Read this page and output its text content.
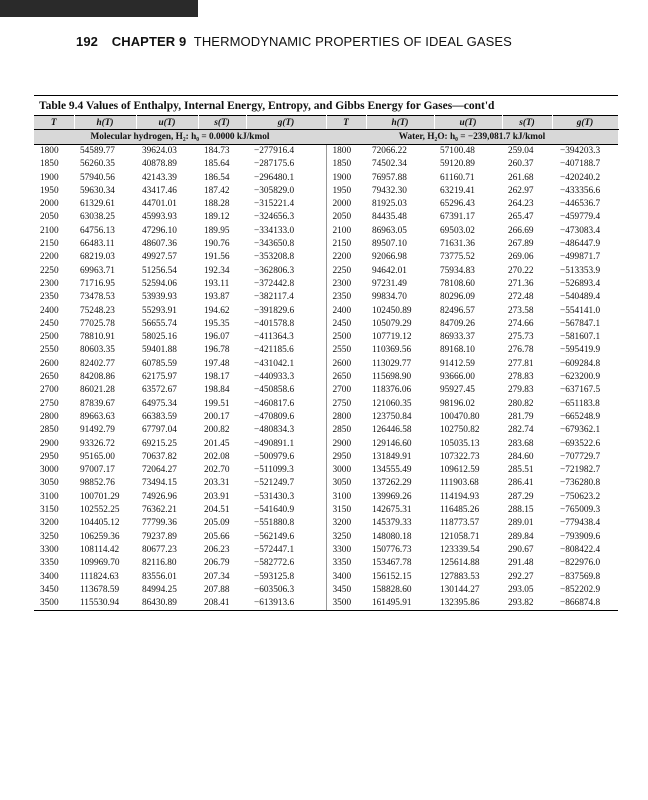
192 CHAPTER 9 THERMODYNAMIC PROPERTIES OF IDEAL GASES
Table 9.4 Values of Enthalpy, Internal Energy, Entropy, and Gibbs Energy for Gases—cont'd
T	h(T)	u(T)	s(T)	g(T)	T	h(T)	u(T)	s(T)	g(T)
Molecular hydrogen, H₂: h₀ = 0.0000 kJ/kmol					Water, H₂O: h₀ = −239,081.7 kJ/kmol				
1800	54589.77	39624.03	184.73	−277916.4	1800	72066.22	57100.48	259.04	−394203.3
1850	56260.35	40878.89	185.64	−287175.6	1850	74502.34	59120.89	260.37	−407188.7
1900	57940.56	42143.39	186.54	−296480.1	1900	76957.88	61160.71	261.68	−420240.2
1950	59630.34	43417.46	187.42	−305829.0	1950	79432.30	63219.41	262.97	−433356.6
2000	61329.61	44701.01	188.28	−315221.4	2000	81925.03	65296.43	264.23	−446536.7
2050	63038.25	45993.93	189.12	−324656.3	2050	84435.48	67391.17	265.47	−459779.4
2100	64756.13	47296.10	189.95	−334133.0	2100	86963.05	69503.02	266.69	−473083.4
2150	66483.11	48607.36	190.76	−343650.8	2150	89507.10	71631.36	267.89	−486447.9
2200	68219.03	49927.57	191.56	−353208.8	2200	92066.98	73775.52	269.06	−499871.7
2250	69963.71	51256.54	192.34	−362806.3	2250	94642.01	75934.83	270.22	−513353.9
2300	71716.95	52594.06	193.11	−372442.8	2300	97231.49	78108.60	271.36	−526893.4
2350	73478.53	53939.93	193.87	−382117.4	2350	99834.70	80296.09	272.48	−540489.4
2400	75248.23	55293.91	194.62	−391829.6	2400	102450.89	82496.57	273.58	−554141.0
2450	77025.78	56655.74	195.35	−401578.8	2450	105079.29	84709.26	274.66	−567847.1
2500	78810.91	58025.16	196.07	−411364.3	2500	107719.12	86933.37	275.73	−581607.1
2550	80603.35	59401.88	196.78	−421185.6	2550	110369.56	89168.10	276.78	−595419.9
2600	82402.77	60785.59	197.48	−431042.1	2600	113029.77	91412.59	277.81	−609284.8
2650	84208.86	62175.97	198.17	−440933.3	2650	115698.90	93666.00	278.83	−623200.9
2700	86021.28	63572.67	198.84	−450858.6	2700	118376.06	95927.45	279.83	−637167.5
2750	87839.67	64975.34	199.51	−460817.6	2750	121060.35	98196.02	280.82	−651183.8
2800	89663.63	66383.59	200.17	−470809.6	2800	123750.84	100470.80	281.79	−665248.9
2850	91492.79	67797.04	200.82	−480834.3	2850	126446.58	102750.82	282.74	−679362.1
2900	93326.72	69215.25	201.45	−490891.1	2900	129146.60	105035.13	283.68	−693522.6
2950	95165.00	70637.82	202.08	−500979.6	2950	131849.91	107322.73	284.60	−707729.7
3000	97007.17	72064.27	202.70	−511099.3	3000	134555.49	109612.59	285.51	−721982.7
3050	98852.76	73494.15	203.31	−521249.7	3050	137262.29	111903.68	286.41	−736280.8
3100	100701.29	74926.96	203.91	−531430.3	3100	139969.26	114194.93	287.29	−750623.2
3150	102552.25	76362.21	204.51	−541640.9	3150	142675.31	116485.26	288.15	−765009.3
3200	104405.12	77799.36	205.09	−551880.8	3200	145379.33	118773.57	289.01	−779438.4
3250	106259.36	79237.89	205.66	−562149.6	3250	148080.18	121058.71	289.84	−793909.6
3300	108114.42	80677.23	206.23	−572447.1	3300	150776.73	123339.54	290.67	−808422.4
3350	109969.70	82116.80	206.79	−582772.6	3350	153467.78	125614.88	291.48	−822976.0
3400	111824.63	83556.01	207.34	−593125.8	3400	156152.15	127883.53	292.27	−837569.8
3450	113678.59	84994.25	207.88	−603506.3	3450	158828.60	130144.27	293.05	−852202.9
3500	115530.94	86430.89	208.41	−613913.6	3500	161495.91	132395.86	293.82	−866874.8
